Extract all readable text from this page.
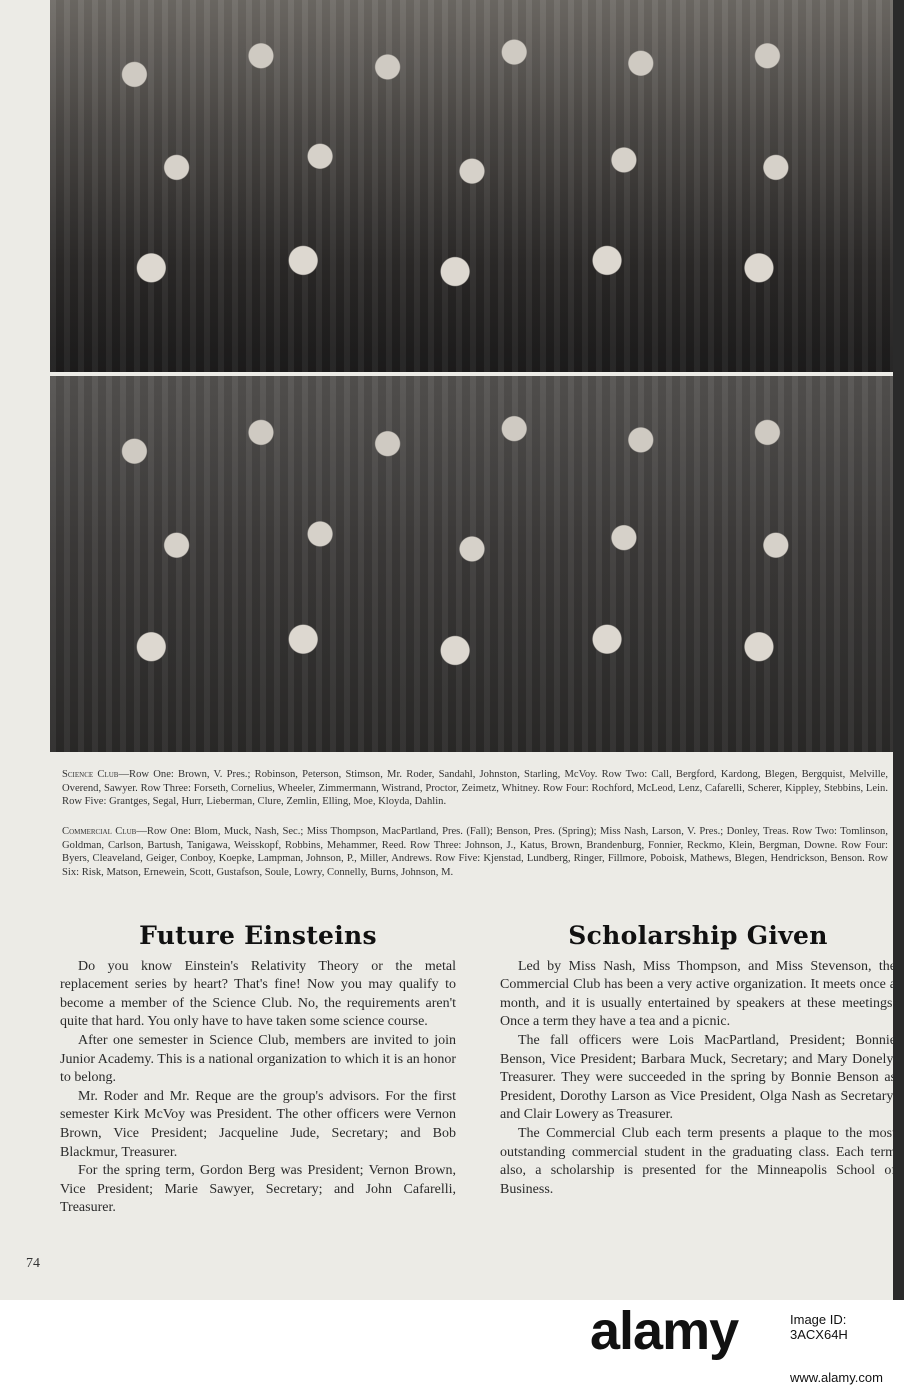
Science Club—Row One: Brown, V. Pres.; Robinson, Peterson, Stimson, Mr. Roder, Sandahl, Johnston, Starling, McVoy. Row Two: Call, Bergford, Kardong, Blegen, Bergquist, Melville, Overend, Sawyer. Row Three: Forseth, Cornelius, Wheeler, Zimmermann, Wistrand, Proctor, Zeimetz, Whitney. Row Four: Rochford, McLeod, Lenz, Cafarelli, Scherer, Kippley, Stebbins, Lein. Row Five: Grantges, Segal, Hurr, Lieberman, Clure, Zemlin, Elling, Moe, Kloyda, Dahlin.
Commercial Club—Row One: Blom, Muck, Nash, Sec.; Miss Thompson, MacPartland, Pres. (Fall); Benson, Pres. (Spring); Miss Nash, Larson, V. Pres.; Donley, Treas. Row Two: Tomlinson, Goldman, Carlson, Bartush, Tanigawa, Weisskopf, Robbins, Mehammer, Reed. Row Three: Johnson, J., Katus, Brown, Brandenburg, Fonnier, Reckmo, Klein, Bergman, Downe. Row Four: Byers, Cleaveland, Geiger, Conboy, Koepke, Lampman, Johnson, P., Miller, Andrews. Row Five: Kjenstad, Lundberg, Ringer, Fillmore, Poboisk, Mathews, Blegen, Hendrickson, Benson. Row Six: Risk, Matson, Ernewein, Scott, Gustafson, Soule, Lowry, Connelly, Burns, Johnson, M.
Future Einsteins

Do you know Einstein's Relativity Theory or the metal replacement series by heart? That's fine! Now you may qualify to become a member of the Science Club. No, the requirements aren't quite that hard. You only have to have taken some science course.

After one semester in Science Club, members are invited to join Junior Academy. This is a national organization to which it is an honor to belong.

Mr. Roder and Mr. Reque are the group's advisors. For the first semester Kirk McVoy was President. The other officers were Vernon Brown, Vice President; Jacqueline Jude, Secretary; and Bob Blackmur, Treasurer.

For the spring term, Gordon Berg was President; Vernon Brown, Vice President; Marie Sawyer, Secretary; and John Cafarelli, Treasurer.

Scholarship Given

Led by Miss Nash, Miss Thompson, and Miss Stevenson, the Commercial Club has been a very active organization. It meets once a month, and it is usually entertained by speakers at these meetings. Once a term they have a tea and a picnic.

The fall officers were Lois MacPartland, President; Bonnie Benson, Vice President; Barbara Muck, Secretary; and Mary Donely, Treasurer. They were succeeded in the spring by Bonnie Benson as President, Dorothy Larson as Vice President, Olga Nash as Secretary, and Clair Lowery as Treasurer.

The Commercial Club each term presents a plaque to the most outstanding commercial student in the graduating class. Each term also, a scholarship is presented for the Minneapolis School of Business.

74
alamy	Image ID: 3ACX64H
www.alamy.com
